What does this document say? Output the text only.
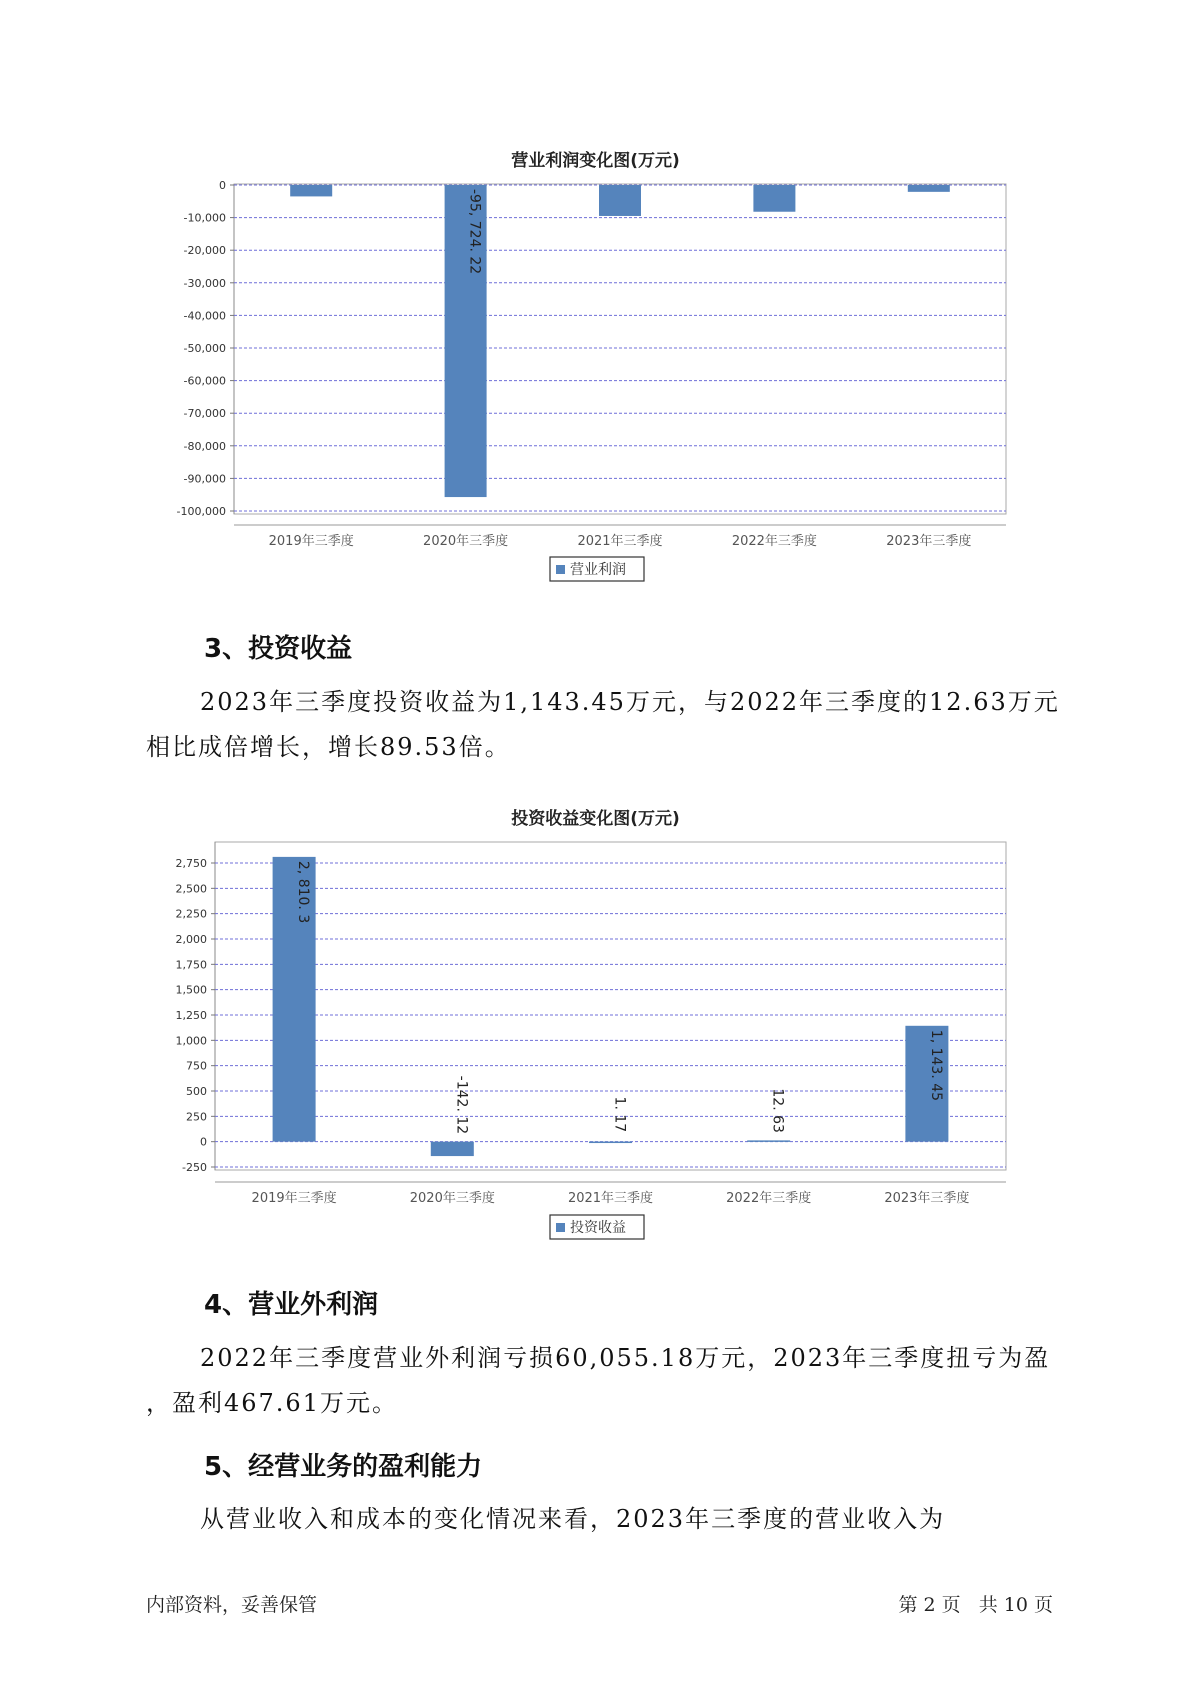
营业利润变化图(万元)
0
-10,000
-20,000
-30,000
-40,000
-50,000
-60,000
-70,000
-80,000
-90,000
-100,000
2019年三季度
-95, 724. 22
2020年三季度	2021年三季度	2022年三季度	2023年三季度
营业利润
3、投资收益
2023年三季度投资收益为1,143.45万元，与2022年三季度的12.63万元
相比成倍增长，增长89.53倍。
投资收益变化图(万元)
2,750
2,500
2,250
2,000
1,750
1,500
1,250
1,000
750
500
250
0
-250
2, 810. 3
2019年三季度
-142. 12
2020年三季度
1. 17
2021年三季度
12. 63
2022年三季度
1, 143. 45
2023年三季度
投资收益
4、营业外利润
2022年三季度营业外利润亏损60,055.18万元，2023年三季度扭亏为盈
，盈利467.61万元。
5、经营业务的盈利能力
从营业收入和成本的变化情况来看，2023年三季度的营业收入为
内部资料，妥善保管	第 2 页   共 10 页
